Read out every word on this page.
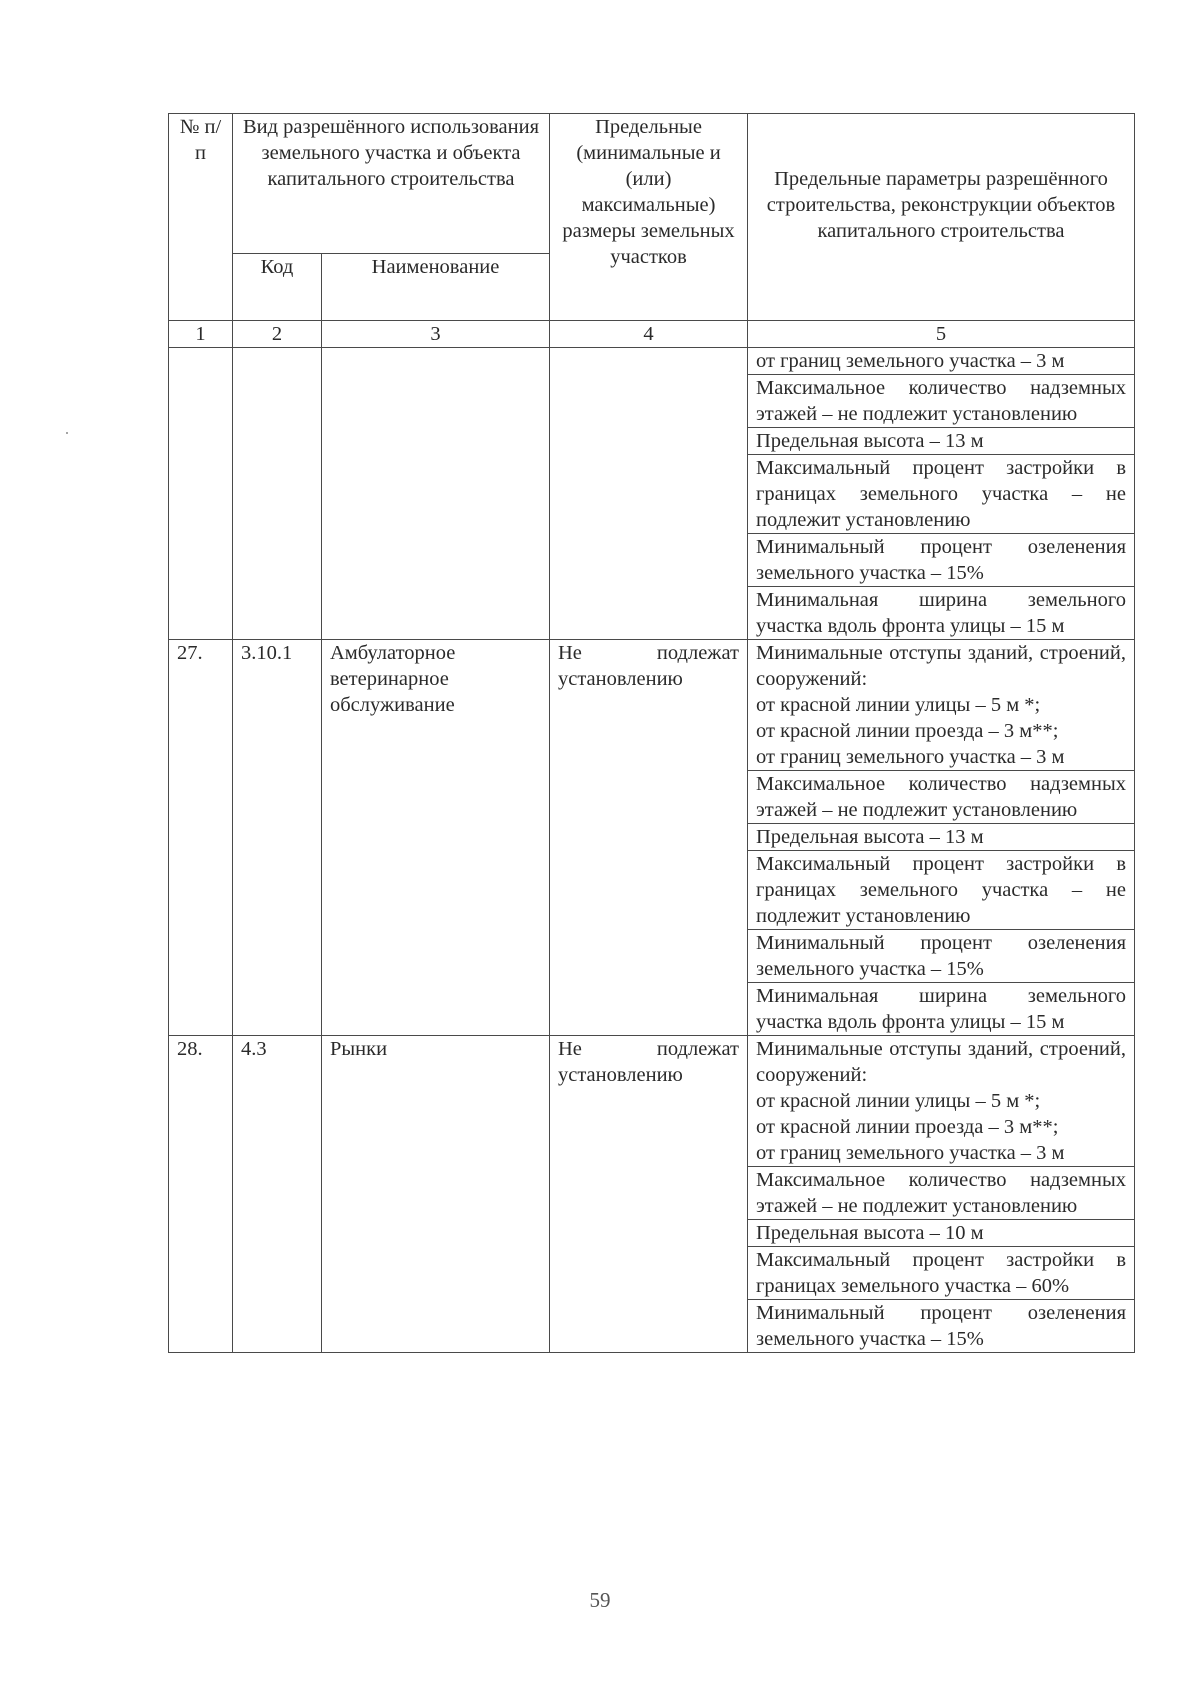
№ п/п	Вид разрешённого использования земельного участка и объекта капитального строительства		Предельные (минимальные и (или) максимальные) размеры земельных участков	Предельные параметры разрешённого строительства, реконструкции объектов капитального строительства
	Код	Наименование		
1	2	3	4	5
				от границ земельного участка – 3 м
				Максимальное количество надземных этажей – не подлежит установлению
				Предельная высота – 13 м
				Максимальный процент застройки в границах земельного участка – не подлежит установлению
				Минимальный процент озеленения земельного участка – 15%
				Минимальная ширина земельного участка вдоль фронта улицы – 15 м
27.	3.10.1	Амбулаторное ветеринарное обслуживание	Не подлежат установлению	Минимальные отступы зданий, строений, сооружений:
от красной линии улицы – 5 м *;
от красной линии проезда – 3 м**;
от границ земельного участка – 3 м

				Максимальное количество надземных этажей – не подлежит установлению
				Предельная высота – 13 м
				Максимальный процент застройки в границах земельного участка – не подлежит установлению
				Минимальный процент озеленения земельного участка – 15%
				Минимальная ширина земельного участка вдоль фронта улицы – 15 м
28.	4.3	Рынки	Не подлежат установлению	Минимальные отступы зданий, строений, сооружений:
от красной линии улицы – 5 м *;
от красной линии проезда – 3 м**;
от границ земельного участка – 3 м

				Максимальное количество надземных этажей – не подлежит установлению
				Предельная высота – 10 м
				Максимальный процент застройки в границах земельного участка – 60%
				Минимальный процент озеленения земельного участка – 15%
59
